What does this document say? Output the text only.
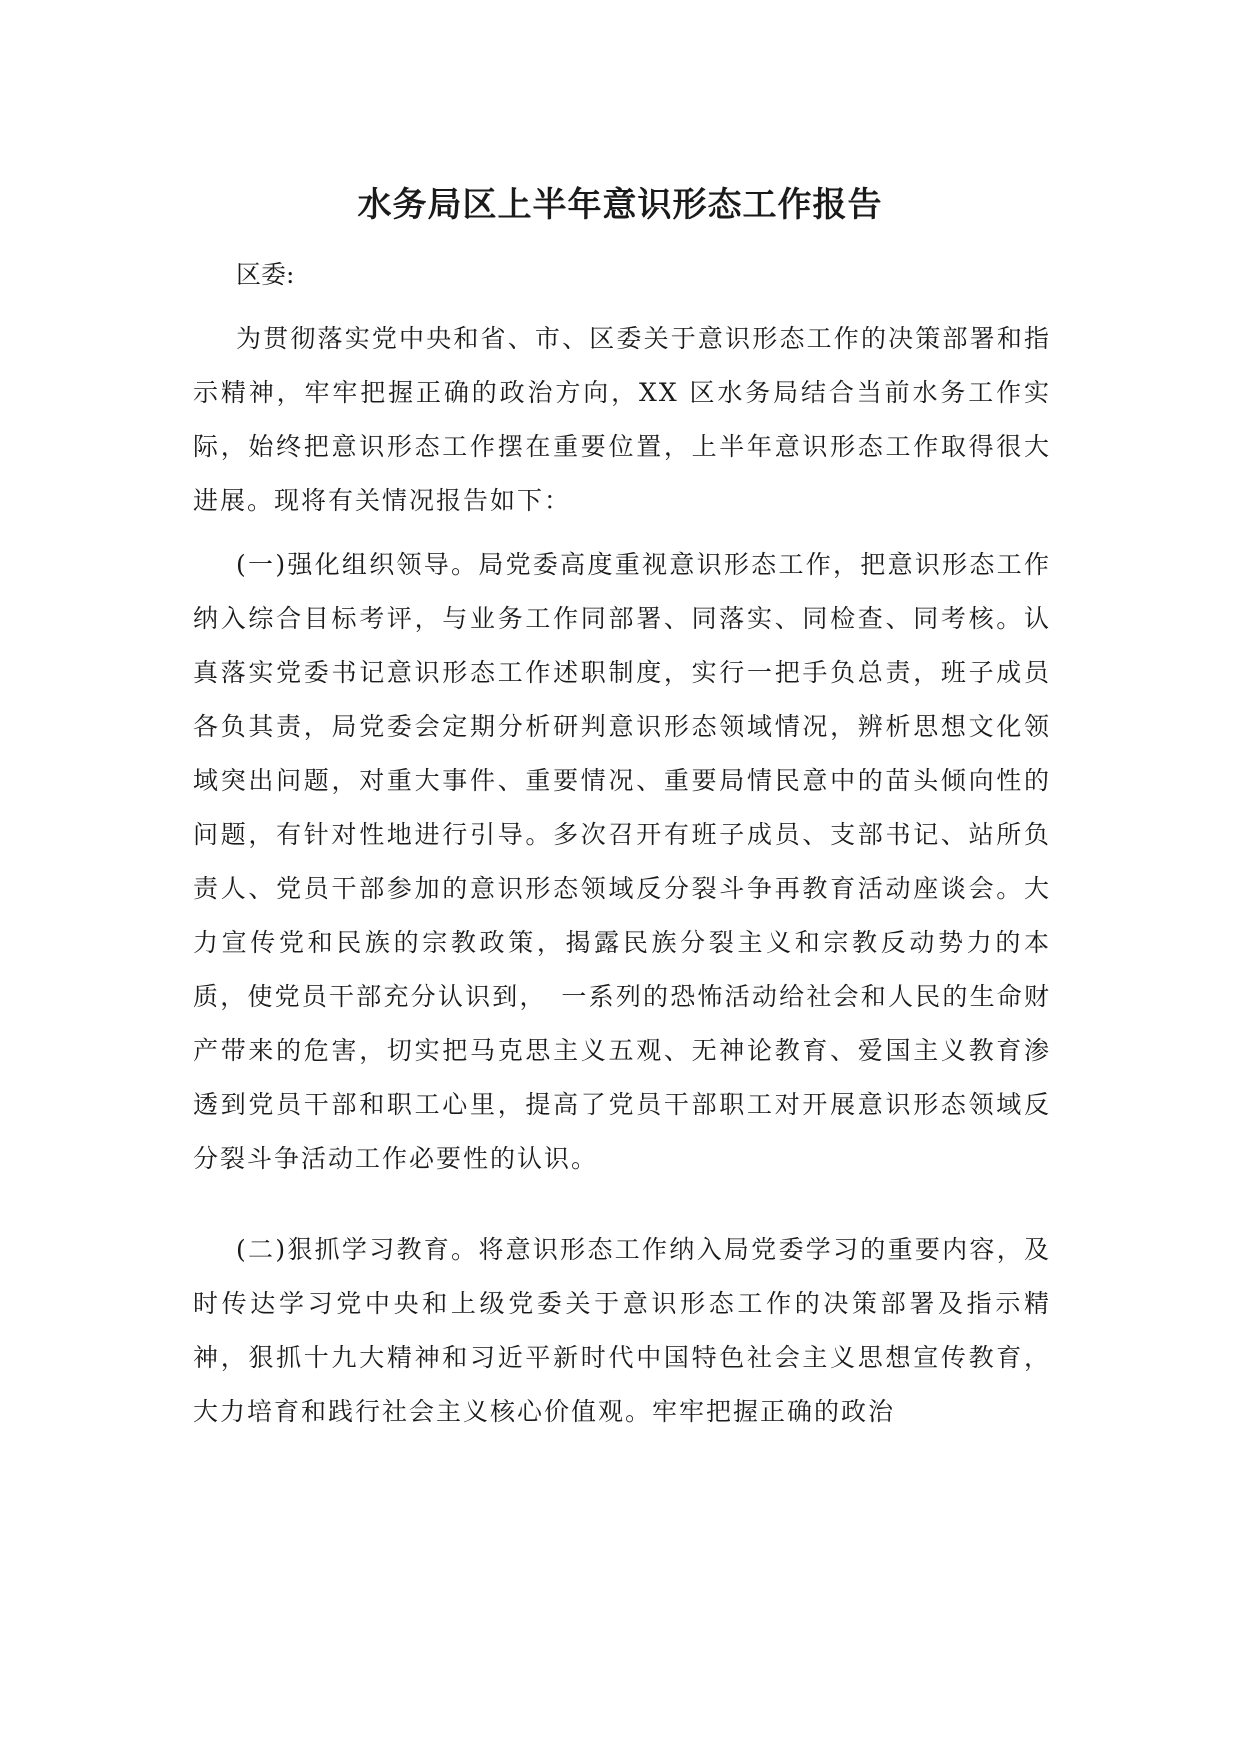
水务局区上半年意识形态工作报告

区委:

为贯彻落实党中央和省、市、区委关于意识形态工作的决策部署和指示精神，牢牢把握正确的政治方向，XX 区水务局结合当前水务工作实际，始终把意识形态工作摆在重要位置，上半年意识形态工作取得很大进展。现将有关情况报告如下：

(一)强化组织领导。局党委高度重视意识形态工作，把意识形态工作纳入综合目标考评，与业务工作同部署、同落实、同检查、同考核。认真落实党委书记意识形态工作述职制度，实行一把手负总责，班子成员各负其责，局党委会定期分析研判意识形态领域情况，辨析思想文化领域突出问题，对重大事件、重要情况、重要局情民意中的苗头倾向性的问题，有针对性地进行引导。多次召开有班子成员、支部书记、站所负责人、党员干部参加的意识形态领域反分裂斗争再教育活动座谈会。大力宣传党和民族的宗教政策，揭露民族分裂主义和宗教反动势力的本质，使党员干部充分认识到，　一系列的恐怖活动给社会和人民的生命财产带来的危害，切实把马克思主义五观、无神论教育、爱国主义教育渗透到党员干部和职工心里，提高了党员干部职工对开展意识形态领域反分裂斗争活动工作必要性的认识。

(二)狠抓学习教育。将意识形态工作纳入局党委学习的重要内容，及时传达学习党中央和上级党委关于意识形态工作的决策部署及指示精神，狠抓十九大精神和习近平新时代中国特色社会主义思想宣传教育，大力培育和践行社会主义核心价值观。牢牢把握正确的政治
